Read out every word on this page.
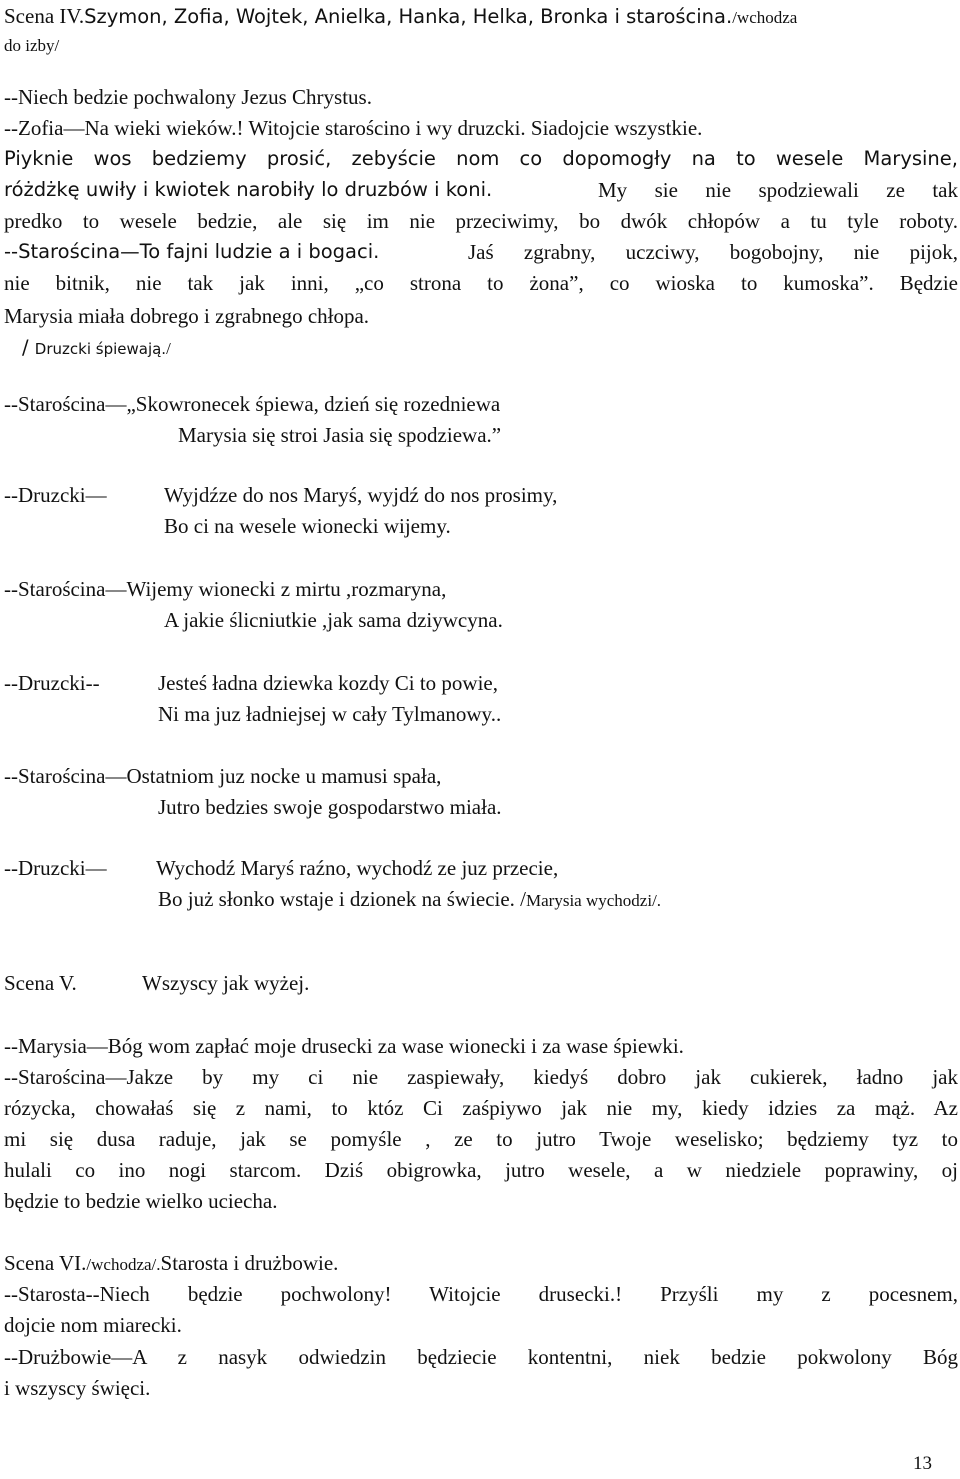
Scena IV.Szymon, Zofia, Wojtek, Anielka, Hanka, Helka, Bronka i starościna./wchodza
do izby/
--Niech bedzie pochwalony Jezus Chrystus.
--Zofia—Na wieki wieków.! Witojcie starościno i wy druzcki. Siadojcie wszystkie.
Piyknie wos bedziemy prosić, zebyście nom co dopomogły na to wesele Marysine,
różdżkę uwiły i kwiotek narobiły lo druzbów i koni.	My sie nie spodziewali ze tak
predko to wesele bedzie, ale się im nie przeciwimy, bo dwók chłopów a tu tyle roboty.
--Starościna—To fajni ludzie a i bogaci.	Jaś zgrabny, uczciwy, bogobojny, nie pijok,
nie bitnik, nie tak jak inni, „co strona to żona”, co wioska to kumoska”. Będzie
Marysia miała dobrego i zgrabnego chłopa.
/ Druzcki śpiewają./
--Starościna—„Skowronecek śpiewa, dzień się rozedniewa
Marysia się stroi Jasia się spodziewa.”
--Druzcki—	Wyjdźze do nos Maryś, wyjdź do nos prosimy,
Bo ci na wesele wionecki wijemy.
--Starościna—Wijemy wionecki z mirtu ,rozmaryna,
A jakie ślicniutkie ,jak sama dziywcyna.
--Druzcki--	Jesteś ładna dziewka kozdy Ci to powie,
Ni ma juz ładniejsej w cały Tylmanowy..
--Starościna—Ostatniom juz nocke u mamusi spała,
Jutro bedzies swoje gospodarstwo miała.
--Druzcki— Wychodź Maryś raźno, wychodź ze juz przecie,
Bo już słonko wstaje i dzionek na świecie. /Marysia wychodzi/.
Scena V.	Wszyscy jak wyżej.
--Marysia—Bóg wom zapłać moje drusecki za wase wionecki i za wase śpiewki.
--Starościna—Jakze by my ci nie zaspiewały, kiedyś dobro jak cukierek, ładno jak
rózycka, chowałaś się z nami, to któz Ci zaśpiywo jak nie my, kiedy idzies za mąż. Az
mi się dusa raduje, jak se pomyśle , ze to jutro Twoje weselisko; będziemy tyz to
hulali co ino nogi starcom. Dziś obigrowka, jutro wesele, a w niedziele poprawiny, oj
będzie to bedzie wielko uciecha.
Scena VI./wchodza/.Starosta i drużbowie.
--Starosta--Niech będzie pochwolony! Witojcie drusecki.! Przyśli my z pocesnem,
dojcie nom miarecki.
--Drużbowie—A z nasyk odwiedzin będziecie kontentni, niek bedzie pokwolony Bóg
i wszyscy święci.
13
